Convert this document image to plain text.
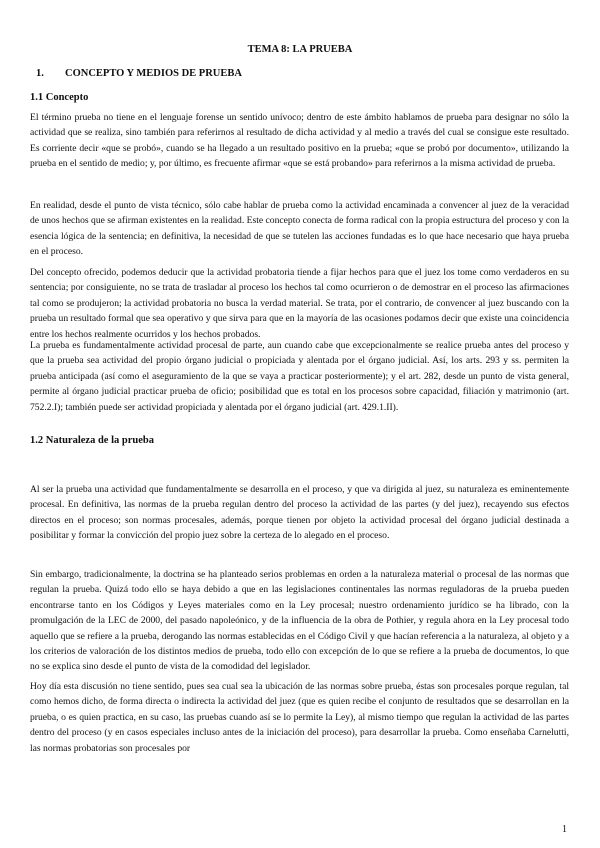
TEMA 8: LA PRUEBA
1. CONCEPTO Y MEDIOS DE PRUEBA
1.1 Concepto

El término prueba no tiene en el lenguaje forense un sentido unívoco; dentro de este ámbito hablamos de prueba para designar no sólo la actividad que se realiza, sino también para referirnos al resultado de dicha actividad y al medio a través del cual se consigue este resultado. Es corriente decir «que se probó», cuando se ha llegado a un resultado positivo en la prueba; «que se probó por documento», utilizando la prueba en el sentido de medio; y, por último, es frecuente afirmar «que se está probando» para referirnos a la misma actividad de prueba.

En realidad, desde el punto de vista técnico, sólo cabe hablar de prueba como la actividad encaminada a convencer al juez de la veracidad de unos hechos que se afirman existentes en la realidad. Este concepto conecta de forma radical con la propia estructura del proceso y con la esencia lógica de la sentencia; en definitiva, la necesidad de que se tutelen las acciones fundadas es lo que hace necesario que haya prueba en el proceso.

Del concepto ofrecido, podemos deducir que la actividad probatoria tiende a fijar hechos para que el juez los tome como verdaderos en su sentencia; por consiguiente, no se trata de trasladar al proceso los hechos tal como ocurrieron o de demostrar en el proceso las afirmaciones tal como se produjeron; la actividad probatoria no busca la verdad material. Se trata, por el contrario, de convencer al juez buscando con la prueba un resultado formal que sea operativo y que sirva para que en la mayoría de las ocasiones podamos decir que existe una coincidencia entre los hechos realmente ocurridos y los hechos probados.

La prueba es fundamentalmente actividad procesal de parte, aun cuando cabe que excepcionalmente se realice prueba antes del proceso y que la prueba sea actividad del propio órgano judicial o propiciada y alentada por el órgano judicial. Así, los arts. 293 y ss. permiten la prueba anticipada (así como el aseguramiento de la que se vaya a practicar posteriormente); y el art. 282, desde un punto de vista general, permite al órgano judicial practicar prueba de oficio; posibilidad que es total en los procesos sobre capacidad, filiación y matrimonio (art. 752.2.I); también puede ser actividad propiciada y alentada por el órgano judicial (art. 429.1.II).

1.2 Naturaleza de la prueba

Al ser la prueba una actividad que fundamentalmente se desarrolla en el proceso, y que va dirigida al juez, su naturaleza es eminentemente procesal. En definitiva, las normas de la prueba regulan dentro del proceso la actividad de las partes (y del juez), recayendo sus efectos directos en el proceso; son normas procesales, además, porque tienen por objeto la actividad procesal del órgano judicial destinada a posibilitar y formar la convicción del propio juez sobre la certeza de lo alegado en el proceso.

Sin embargo, tradicionalmente, la doctrina se ha planteado serios problemas en orden a la naturaleza material o procesal de las normas que regulan la prueba. Quizá todo ello se haya debido a que en las legislaciones continentales las normas reguladoras de la prueba pueden encontrarse tanto en los Códigos y Leyes materiales como en la Ley procesal; nuestro ordenamiento jurídico se ha librado, con la promulgación de la LEC de 2000, del pasado napoleónico, y de la influencia de la obra de Pothier, y regula ahora en la Ley procesal todo aquello que se refiere a la prueba, derogando las normas establecidas en el Código Civil y que hacían referencia a la naturaleza, al objeto y a los criterios de valoración de los distintos medios de prueba, todo ello con excepción de lo que se refiere a la prueba de documentos, lo que no se explica sino desde el punto de vista de la comodidad del legislador.

Hoy día esta discusión no tiene sentido, pues sea cual sea la ubicación de las normas sobre prueba, éstas son procesales porque regulan, tal como hemos dicho, de forma directa o indirecta la actividad del juez (que es quien recibe el conjunto de resultados que se desarrollan en la prueba, o es quien practica, en su caso, las pruebas cuando así se lo permite la Ley), al mismo tiempo que regulan la actividad de las partes dentro del proceso (y en casos especiales incluso antes de la iniciación del proceso), para desarrollar la prueba. Como enseñaba Carnelutti, las normas probatorias son procesales por

1
